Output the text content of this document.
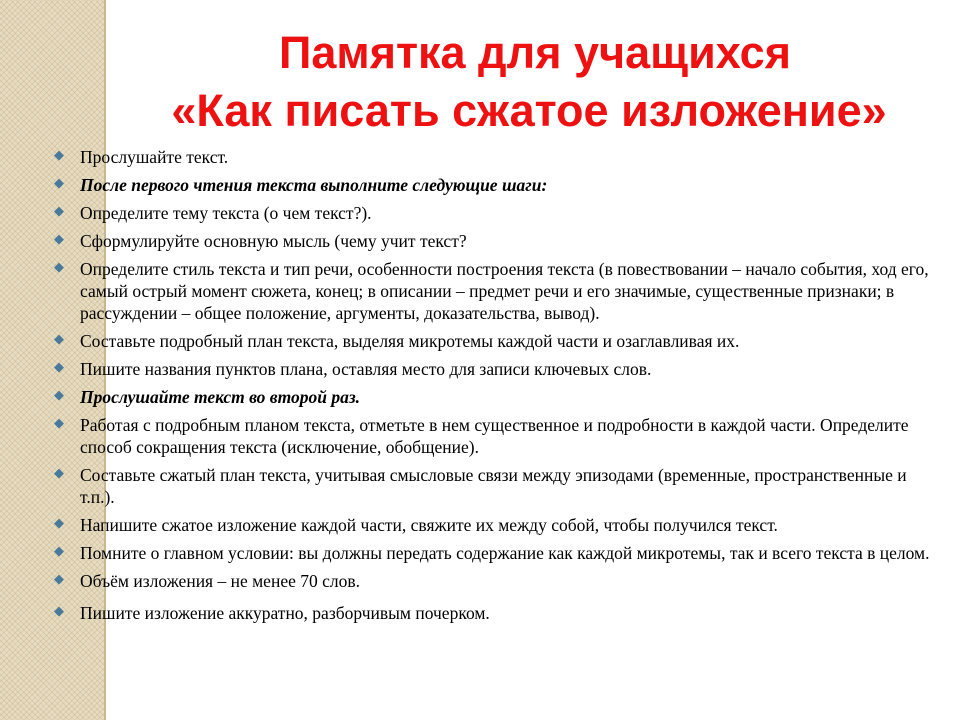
Памятка для учащихся
«Как писать сжатое изложение»
◆ Прослушайте текст.
◆ После первого чтения текста выполните следующие шаги:
◆ Определите тему текста (о чем текст?).
◆ Сформулируйте основную мысль (чему учит текст?
◆ Определите стиль текста и тип речи, особенности построения текста (в повествовании – начало события, ход его, самый острый момент сюжета, конец; в описании – предмет речи и его значимые, существенные признаки; в рассуждении – общее положение, аргументы, доказательства, вывод).
◆ Составьте подробный план текста, выделяя микротемы каждой части и озаглавливая их.
◆ Пишите названия пунктов плана, оставляя место для записи ключевых слов.
◆ Прослушайте текст во второй раз.
◆ Работая с подробным планом текста, отметьте в нем существенное и подробности в каждой части. Определите способ сокращения текста (исключение, обобщение).
◆ Составьте сжатый план текста, учитывая смысловые связи между эпизодами (временные, пространственные и т.п.).
◆ Напишите сжатое изложение каждой части, свяжите их между собой, чтобы получился текст.
◆ Помните о главном условии: вы должны передать содержание как каждой микротемы, так и всего текста в целом.
◆ Объём изложения – не менее 70 слов.
◆ Пишите изложение аккуратно, разборчивым почерком.
